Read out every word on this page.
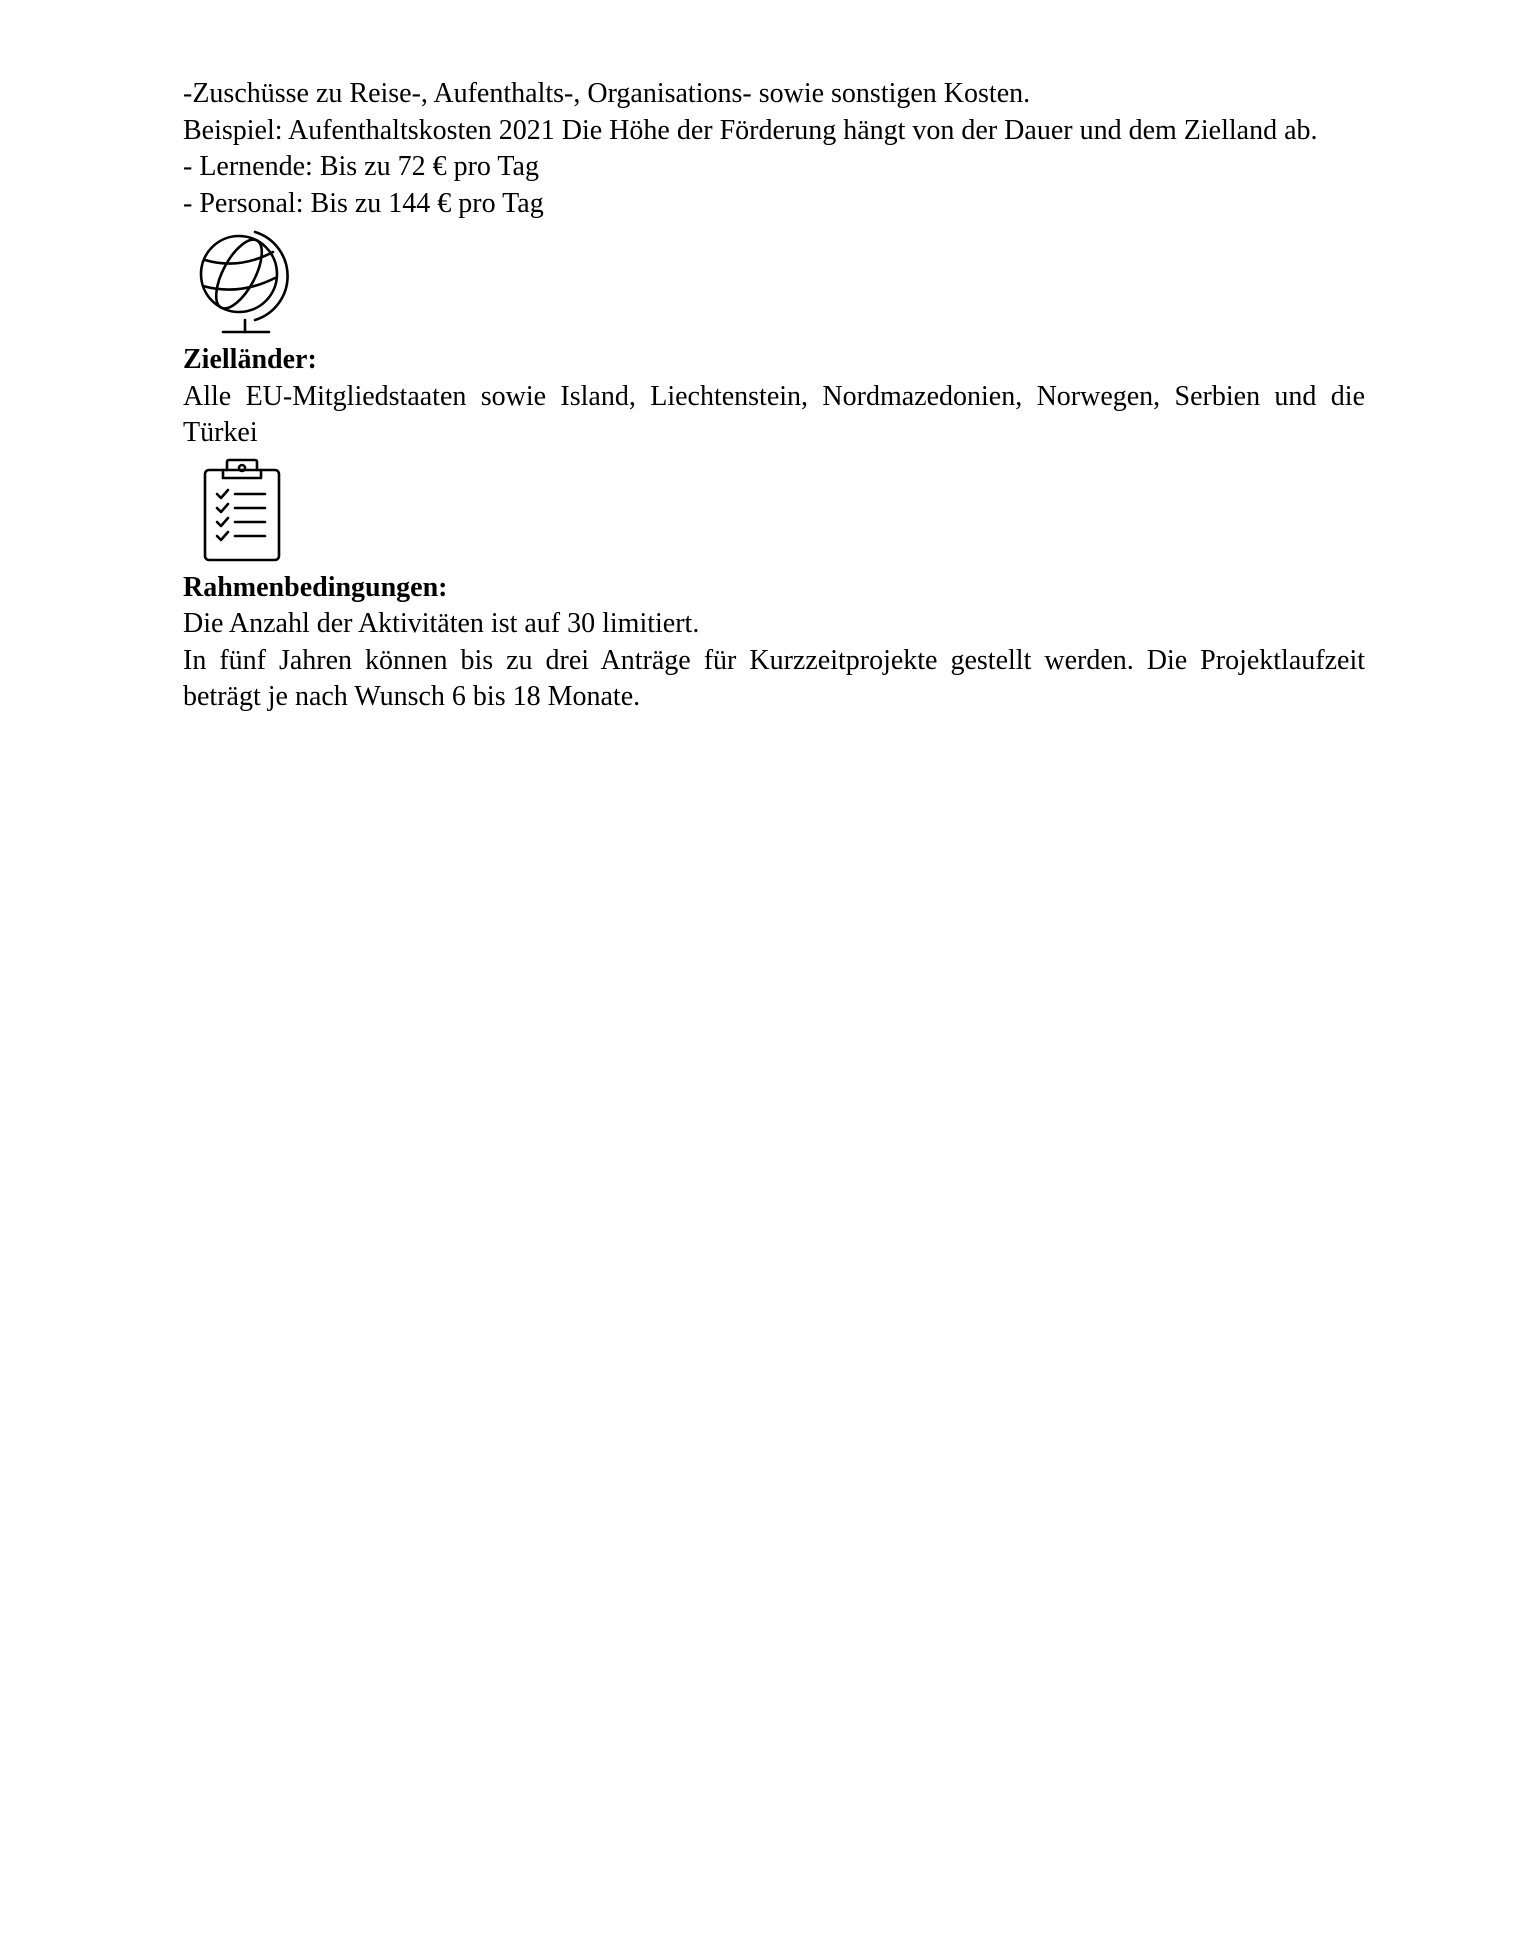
-Zuschüsse zu Reise-, Aufenthalts-, Organisations- sowie sonstigen Kosten.
Beispiel: Aufenthaltskosten 2021 Die Höhe der Förderung hängt von der Dauer und dem Zielland ab.
- Lernende: Bis zu 72 € pro Tag
- Personal: Bis zu 144 € pro Tag
Zielländer:
Alle EU-Mitgliedstaaten sowie Island, Liechtenstein, Nordmazedonien, Norwegen, Serbien und die Türkei
Rahmenbedingungen:
Die Anzahl der Aktivitäten ist auf 30 limitiert.
In fünf Jahren können bis zu drei Anträge für Kurzzeitprojekte gestellt werden. Die Projektlaufzeit beträgt je nach Wunsch 6 bis 18 Monate.
